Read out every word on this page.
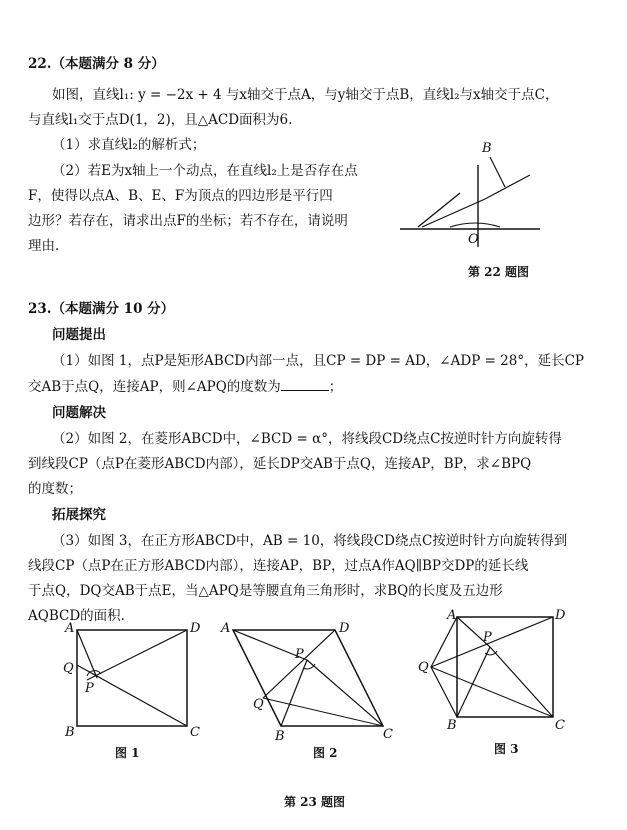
22.（本题满分 8 分）
如图，直线l₁: y = −2x + 4 与x轴交于点A，与y轴交于点B，直线l₂与x轴交于点C，
与直线l₁交于点D(1，2)，且△ACD面积为6.
（1）求直线l₂的解析式；
（2）若E为x轴上一个动点，在直线l₂上是否存在点
F，使得以点A、B、E、F为顶点的四边形是平行四
边形？若存在，请求出点F的坐标；若不存在，请说明
理由.
B
O
第 22 题图
23.（本题满分 10 分）
问题提出
（1）如图 1，点P是矩形ABCD内部一点，且CP = DP = AD，∠ADP = 28°，延长CP
交AB于点Q，连接AP，则∠APQ的度数为	；
问题解决
（2）如图 2，在菱形ABCD中，∠BCD = α°，将线段CD绕点C按逆时针方向旋转得
到线段CP（点P在菱形ABCD内部），延长DP交AB于点Q，连接AP，BP，求∠BPQ
的度数；
拓展探究
（3）如图 3，在正方形ABCD中，AB = 10，将线段CD绕点C按逆时针方向旋转得到
线段CP（点P在正方形ABCD内部），连接AP，BP，过点A作AQ∥BP交DP的延长线
于点Q，DQ交AB于点E，当△APQ是等腰直角三角形时，求BQ的长度及五边形
AQBCD的面积.
A	D
Q
P
B	C
图 1
A	D
P
Q
B	C
图 2
A	D
P
Q
B	C
图 3
第 23 题图
